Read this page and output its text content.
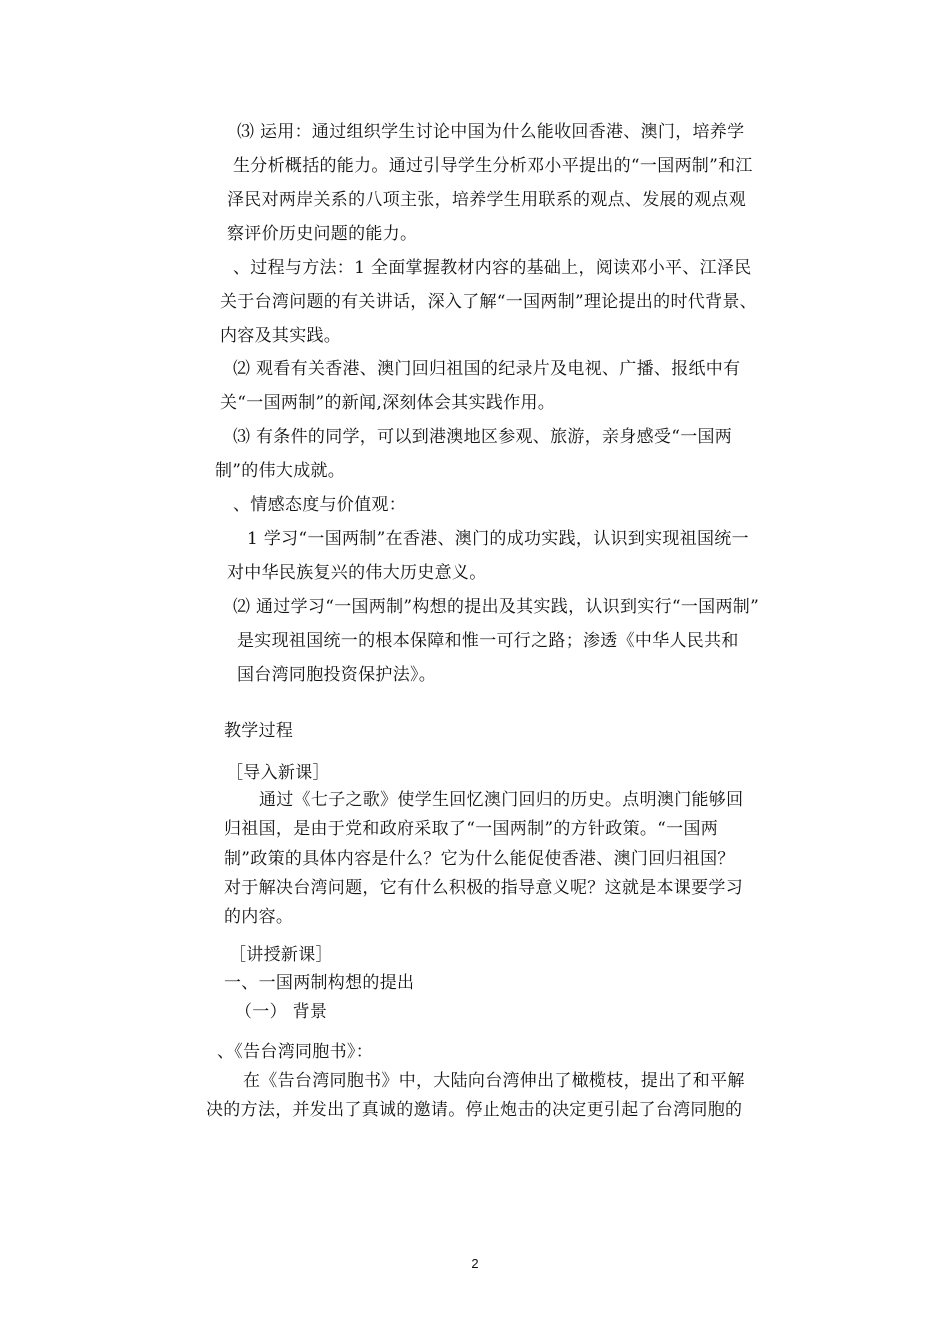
⑶ 运用：通过组织学生讨论中国为什么能收回香港、澳门，培养学
生分析概括的能力。通过引导学生分析邓小平提出的“一国两制”和江
泽民对两岸关系的八项主张，培养学生用联系的观点、发展的观点观
察评价历史问题的能力。
、过程与方法：1 全面掌握教材内容的基础上，阅读邓小平、江泽民
关于台湾问题的有关讲话，深入了解“一国两制”理论提出的时代背景、
内容及其实践。
⑵ 观看有关香港、澳门回归祖国的纪录片及电视、广播、报纸中有
关“一国两制”的新闻,深刻体会其实践作用。
⑶ 有条件的同学，可以到港澳地区参观、旅游，亲身感受“一国两
制”的伟大成就。
、情感态度与价值观：
1 学习“一国两制”在香港、澳门的成功实践，认识到实现祖国统一
对中华民族复兴的伟大历史意义。
⑵ 通过学习“一国两制”构想的提出及其实践，认识到实行“一国两制”
是实现祖国统一的根本保障和惟一可行之路；渗透《中华人民共和
国台湾同胞投资保护法》。
教学过程
［导入新课］
通过《七子之歌》使学生回忆澳门回归的历史。点明澳门能够回
归祖国，是由于党和政府采取了“一国两制”的方针政策。“一国两
制”政策的具体内容是什么？它为什么能促使香港、澳门回归祖国？
对于解决台湾问题，它有什么积极的指导意义呢？这就是本课要学习
的内容。
［讲授新课］
一、一国两制构想的提出
（一） 背景
、《告台湾同胞书》：
在《告台湾同胞书》中，大陆向台湾伸出了橄榄枝，提出了和平解
决的方法，并发出了真诚的邀请。停止炮击的决定更引起了台湾同胞的
2
